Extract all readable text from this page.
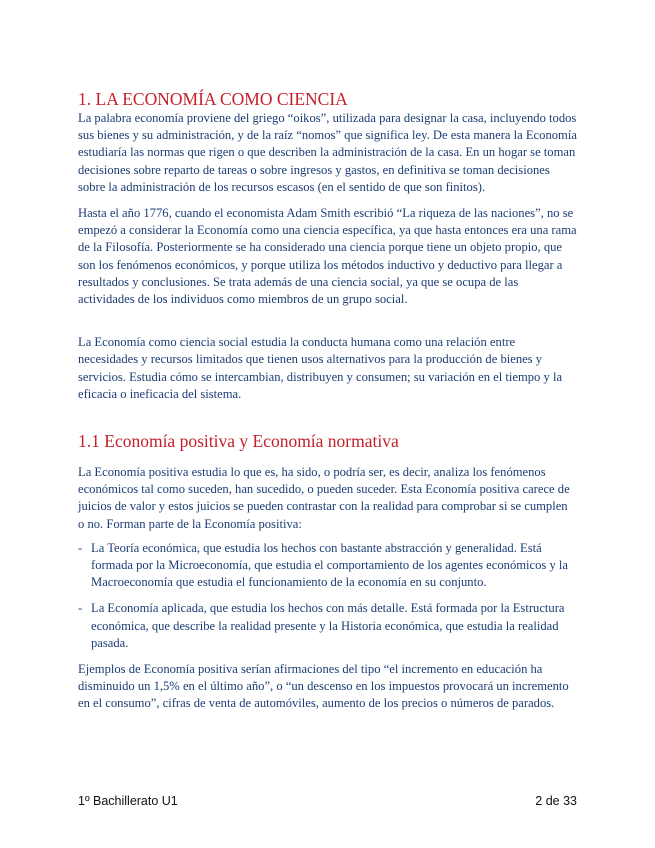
1. LA ECONOMÍA COMO CIENCIA

La palabra economía proviene del griego “oikos”, utilizada para designar la casa, incluyendo todos sus bienes y su administración, y de la raíz “nomos” que significa ley. De esta manera la Economía estudiaría las normas que rigen o que describen la administración de la casa. En un hogar se toman decisiones sobre reparto de tareas o sobre ingresos y gastos, en definitiva se toman decisiones sobre la administración de los recursos escasos (en el sentido de que son finitos).

Hasta el año 1776, cuando el economista Adam Smith escribió “La riqueza de las naciones”, no se empezó a considerar la Economía como una ciencia específica, ya que hasta entonces era una rama de la Filosofía. Posteriormente se ha considerado una ciencia porque tiene un objeto propio, que son los fenómenos económicos, y porque utiliza los métodos inductivo y deductivo para llegar a resultados y conclusiones. Se trata además de una ciencia social, ya que se ocupa de las actividades de los individuos como miembros de un grupo social.

La Economía como ciencia social estudia la conducta humana como una relación entre necesidades y recursos limitados que tienen usos alternativos para la producción de bienes y servicios. Estudia cómo se intercambian, distribuyen y consumen; su variación en el tiempo y la eficacia o ineficacia del sistema.

1.1 Economía positiva y Economía normativa

La Economía positiva estudia lo que es, ha sido, o podría ser, es decir, analiza los fenómenos económicos tal como suceden, han sucedido, o pueden suceder. Esta Economía positiva carece de juicios de valor y estos juicios se pueden contrastar con la realidad para comprobar si se cumplen o no. Forman parte de la Economía positiva:

- La Teoría económica, que estudia los hechos con bastante abstracción y generalidad. Está formada por la Microeconomía, que estudia el comportamiento de los agentes económicos y la Macroeconomía que estudia el funcionamiento de la economía en su conjunto.
- La Economía aplicada, que estudia los hechos con más detalle. Está formada por la Estructura económica, que describe la realidad presente y la Historia económica, que estudia la realidad pasada.

Ejemplos de Economía positiva serían afirmaciones del tipo “el incremento en educación ha disminuido un 1,5% en el último año”, o “un descenso en los impuestos provocará un incremento en el consumo”, cifras de venta de automóviles, aumento de los precios o números de parados.

1º Bachillerato U1	2 de 33
